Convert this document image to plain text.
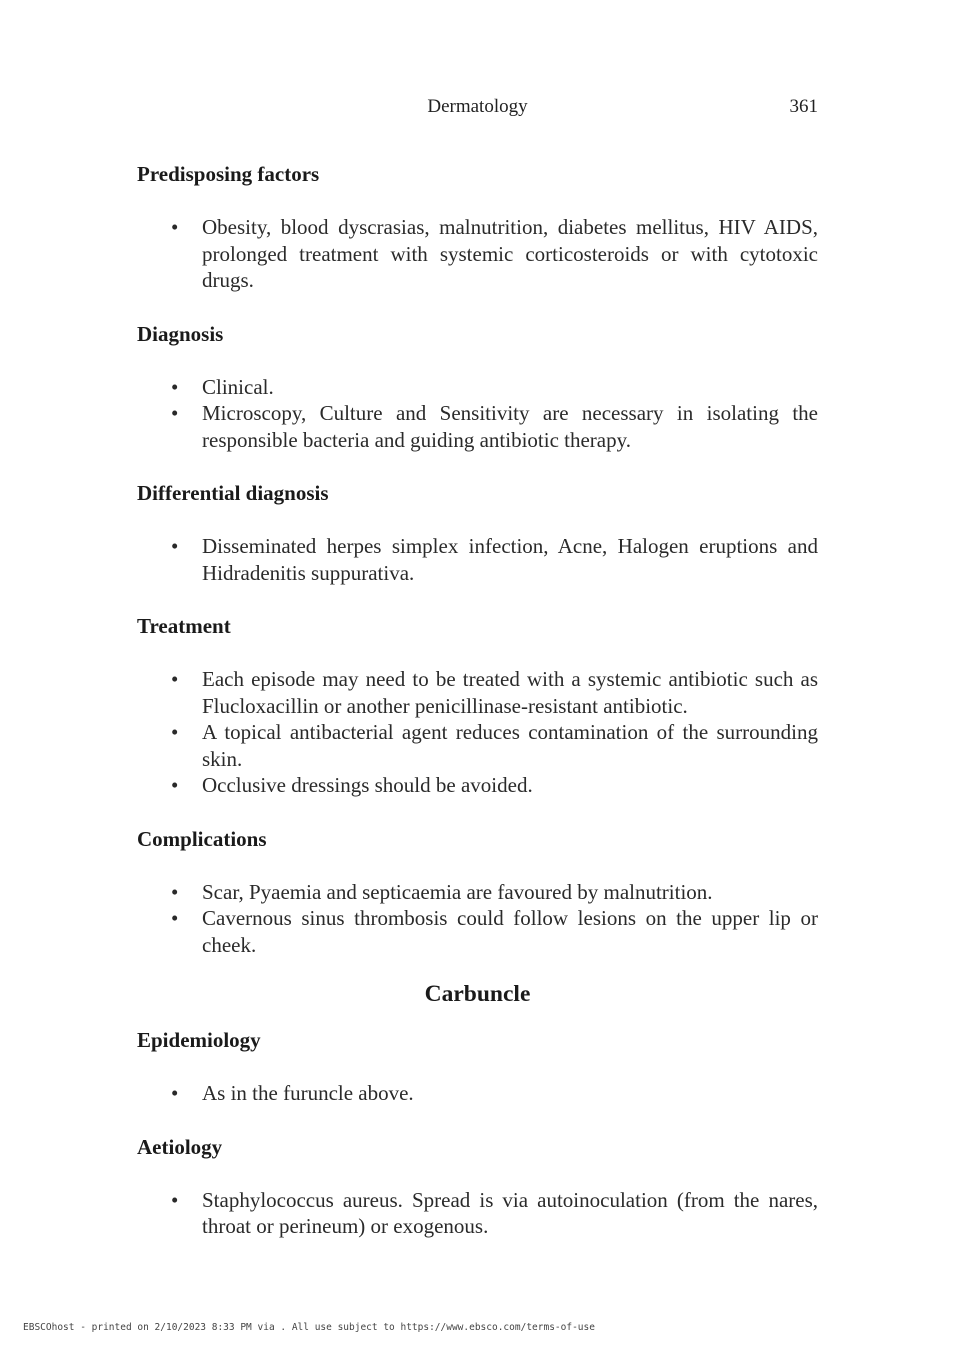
Dermatology	361
Predisposing factors
• Obesity, blood dyscrasias, malnutrition, diabetes mellitus, HIV AIDS, prolonged treatment with systemic corticosteroids or with cytotoxic drugs.
Diagnosis
• Clinical.
• Microscopy, Culture and Sensitivity are necessary in isolating the responsible bacteria and guiding antibiotic therapy.
Differential diagnosis
• Disseminated herpes simplex infection, Acne, Halogen eruptions and Hidradenitis suppurativa.
Treatment
• Each episode may need to be treated with a systemic antibiotic such as Flucloxacillin or another penicillinase-resistant antibiotic.
• A topical antibacterial agent reduces contamination of the surrounding skin.
• Occlusive dressings should be avoided.
Complications
• Scar, Pyaemia and septicaemia are favoured by malnutrition.
• Cavernous sinus thrombosis could follow lesions on the upper lip or cheek.
Carbuncle
Epidemiology
• As in the furuncle above.
Aetiology
• Staphylococcus aureus. Spread is via autoinoculation (from the nares, throat or perineum) or exogenous.
EBSCOhost - printed on 2/10/2023 8:33 PM via . All use subject to https://www.ebsco.com/terms-of-use
